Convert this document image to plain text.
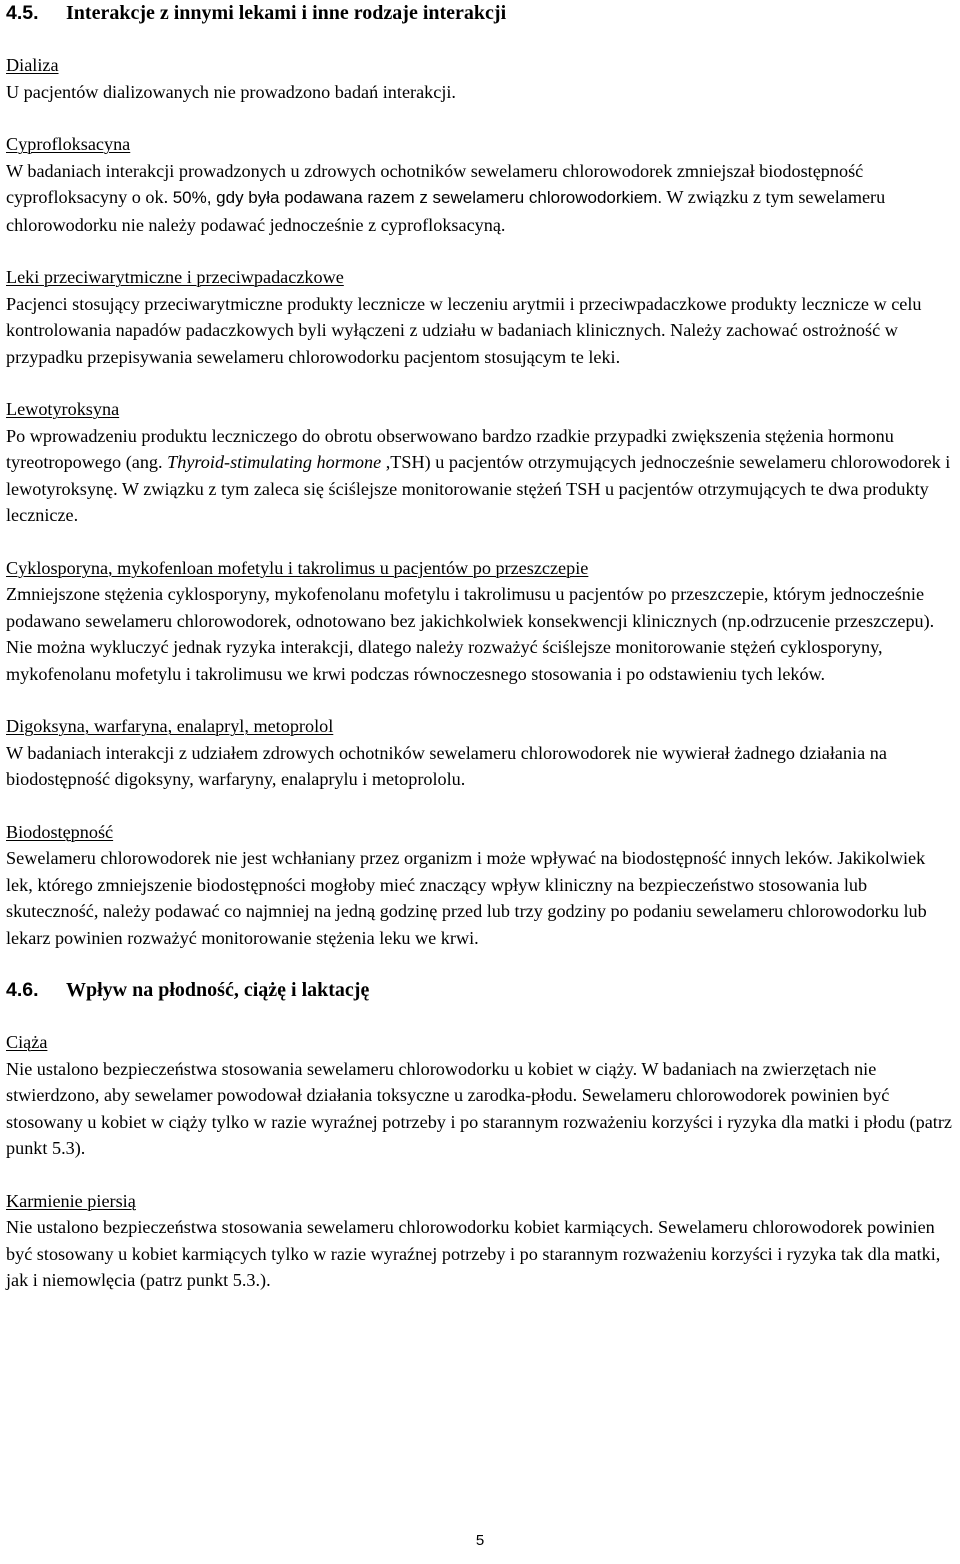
4.5.	Interakcje z innymi lekami i inne rodzaje interakcji
Dializa

U pacjentów dializowanych nie prowadzono badań interakcji.

Cyprofloksacyna

W badaniach interakcji prowadzonych u zdrowych ochotników sewelameru chlorowodorek zmniejszał biodostępność cyprofloksacyny o ok. 50%, gdy była podawana razem z sewelameru chlorowodorkiem. W związku z tym sewelameru chlorowodorku nie należy podawać jednocześnie z cyprofloksacyną.

Leki przeciwarytmiczne i przeciwpadaczkowe

Pacjenci stosujący przeciwarytmiczne produkty lecznicze w leczeniu arytmii i przeciwpadaczkowe produkty lecznicze w celu kontrolowania napadów padaczkowych byli wyłączeni z udziału w badaniach klinicznych. Należy zachować ostrożność w przypadku przepisywania sewelameru chlorowodorku pacjentom stosującym te leki.

Lewotyroksyna

Po wprowadzeniu produktu leczniczego do obrotu obserwowano bardzo rzadkie przypadki zwiększenia stężenia hormonu tyreotropowego (ang. Thyroid-stimulating hormone ,TSH) u pacjentów otrzymujących jednocześnie sewelameru chlorowodorek i lewotyroksynę. W związku z tym zaleca się ściślejsze monitorowanie stężeń TSH u pacjentów otrzymujących te dwa produkty lecznicze.

Cyklosporyna, mykofenloan mofetylu i takrolimus u pacjentów po przeszczepie

Zmniejszone stężenia cyklosporyny, mykofenolanu mofetylu i takrolimusu u pacjentów po przeszczepie, którym jednocześnie podawano sewelameru chlorowodorek, odnotowano bez jakichkolwiek konsekwencji klinicznych (np.odrzucenie przeszczepu). Nie można wykluczyć jednak ryzyka interakcji, dlatego należy rozważyć ściślejsze monitorowanie stężeń cyklosporyny, mykofenolanu mofetylu i takrolimusu we krwi podczas równoczesnego stosowania i po odstawieniu tych leków.

Digoksyna, warfaryna, enalapryl, metoprolol

W badaniach interakcji z udziałem zdrowych ochotników sewelameru chlorowodorek nie wywierał żadnego działania na biodostępność digoksyny, warfaryny, enalaprylu i metoprololu.

Biodostępność

Sewelameru chlorowodorek nie jest wchłaniany przez organizm i może wpływać na biodostępność innych leków. Jakikolwiek lek, którego zmniejszenie biodostępności mogłoby mieć znaczący wpływ kliniczny na bezpieczeństwo stosowania lub skuteczność, należy podawać co najmniej na jedną godzinę przed lub trzy godziny po podaniu sewelameru chlorowodorku lub lekarz powinien rozważyć monitorowanie stężenia leku we krwi.

4.6.	Wpływ na płodność, ciążę i laktację
Ciąża

Nie ustalono bezpieczeństwa stosowania sewelameru chlorowodorku u kobiet w ciąży. W badaniach na zwierzętach nie stwierdzono, aby sewelamer powodował działania toksyczne u zarodka-płodu. Sewelameru chlorowodorek powinien być stosowany u kobiet w ciąży tylko w razie wyraźnej potrzeby i po starannym rozważeniu korzyści i ryzyka dla matki i płodu (patrz punkt 5.3).

Karmienie piersią

Nie ustalono bezpieczeństwa stosowania sewelameru chlorowodorku kobiet karmiących. Sewelameru chlorowodorek powinien być stosowany u kobiet karmiących tylko w razie wyraźnej potrzeby i po starannym rozważeniu korzyści i ryzyka tak dla matki, jak i niemowlęcia (patrz punkt 5.3.).

5
